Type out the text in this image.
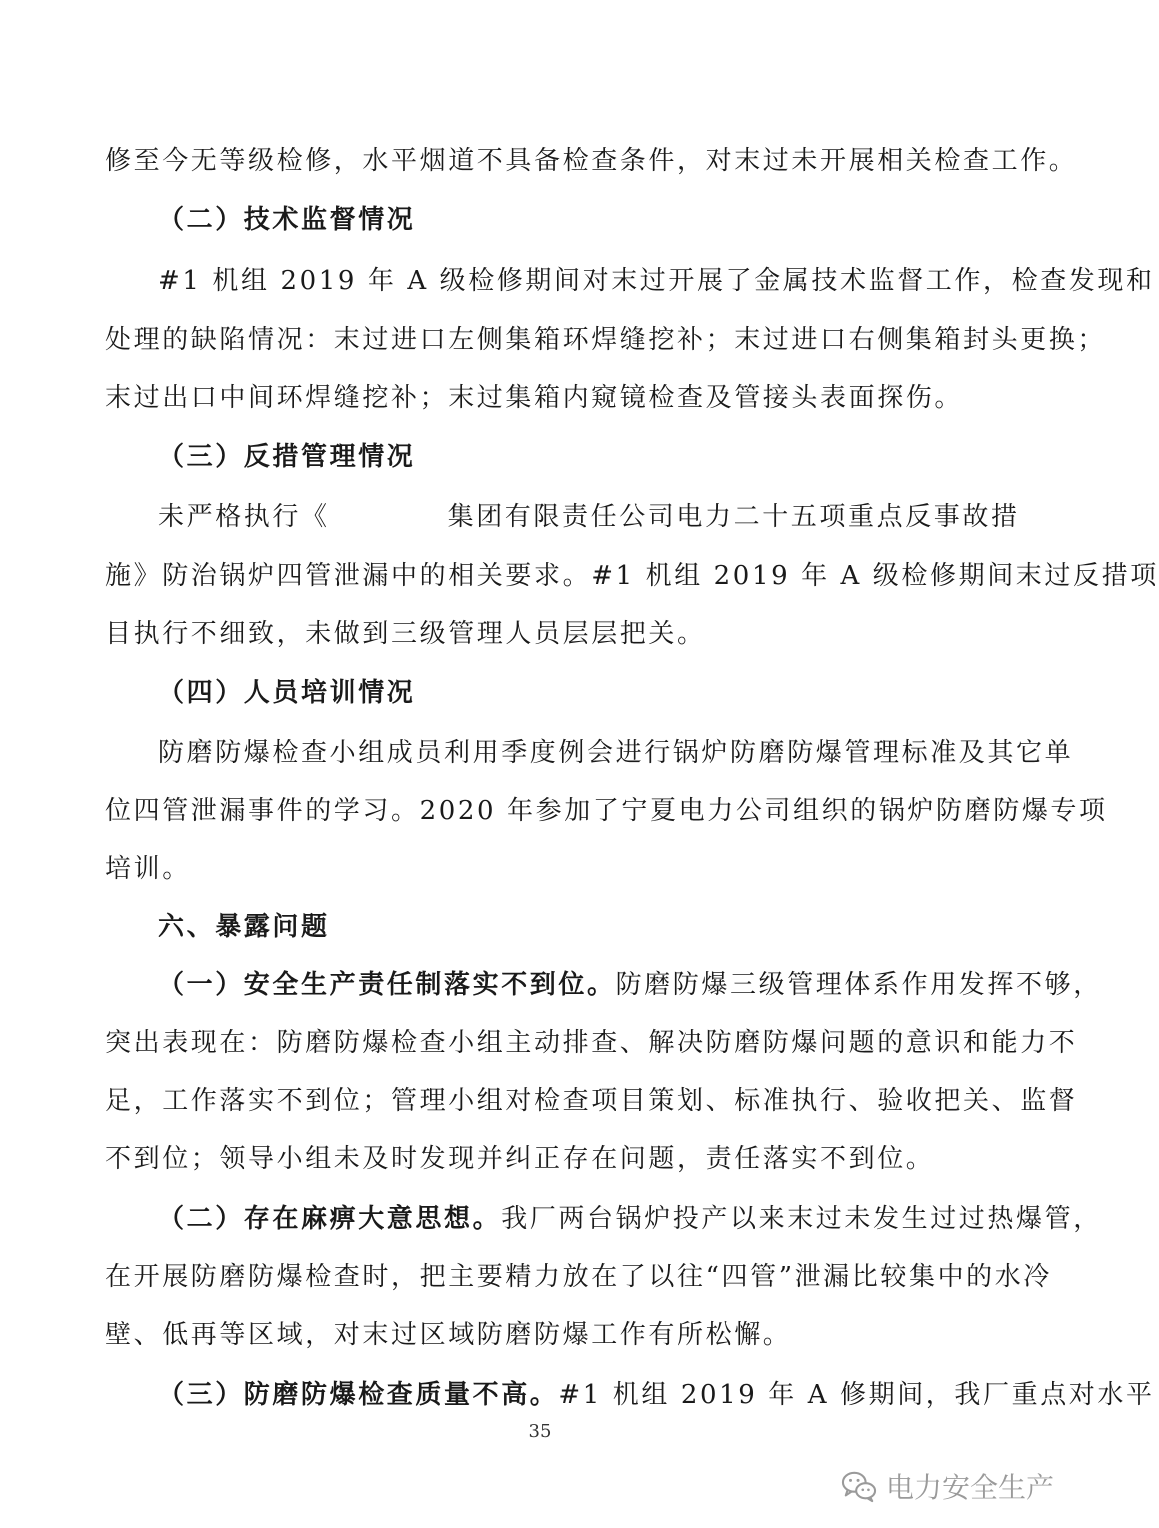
修至今无等级检修，水平烟道不具备检查条件，对末过未开展相关检查工作。
（二）技术监督情况
#1 机组 2019 年 A 级检修期间对末过开展了金属技术监督工作，检查发现和
处理的缺陷情况：末过进口左侧集箱环焊缝挖补；末过进口右侧集箱封头更换；
末过出口中间环焊缝挖补；末过集箱内窥镜检查及管接头表面探伤。
（三）反措管理情况
未严格执行《	集团有限责任公司电力二十五项重点反事故措
施》防治锅炉四管泄漏中的相关要求。#1 机组 2019 年 A 级检修期间末过反措项
目执行不细致，未做到三级管理人员层层把关。
（四）人员培训情况
防磨防爆检查小组成员利用季度例会进行锅炉防磨防爆管理标准及其它单
位四管泄漏事件的学习。2020 年参加了宁夏电力公司组织的锅炉防磨防爆专项
培训。
六、暴露问题
（一）安全生产责任制落实不到位。防磨防爆三级管理体系作用发挥不够，
突出表现在：防磨防爆检查小组主动排查、解决防磨防爆问题的意识和能力不
足，工作落实不到位；管理小组对检查项目策划、标准执行、验收把关、监督
不到位；领导小组未及时发现并纠正存在问题，责任落实不到位。
（二）存在麻痹大意思想。我厂两台锅炉投产以来末过未发生过过热爆管，
在开展防磨防爆检查时，把主要精力放在了以往“四管”泄漏比较集中的水冷
壁、低再等区域，对末过区域防磨防爆工作有所松懈。
（三）防磨防爆检查质量不高。#1 机组 2019 年 A 修期间，我厂重点对水平
35
电力安全生产
